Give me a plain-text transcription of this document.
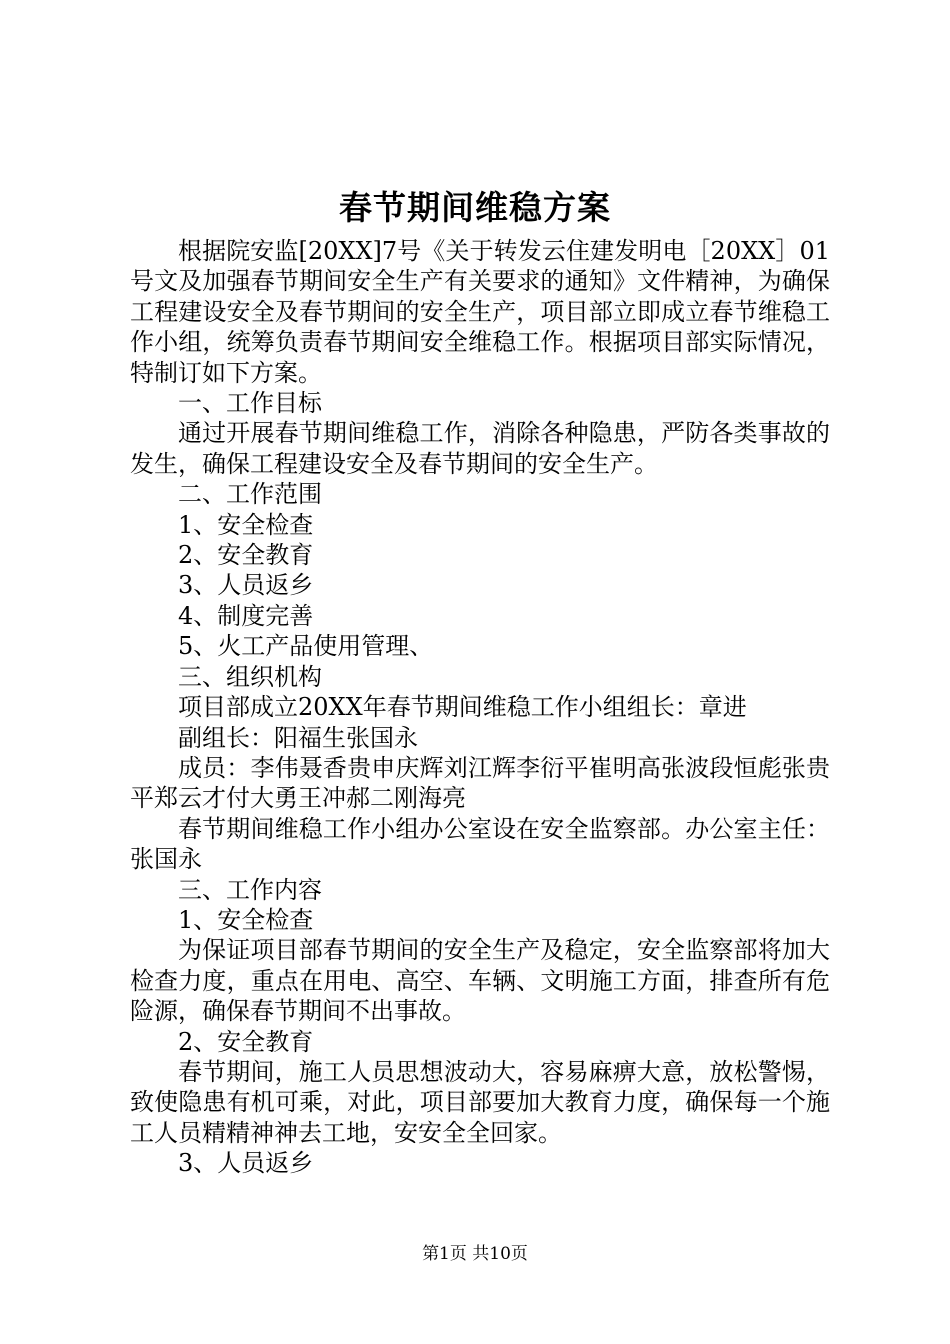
春节期间维稳方案
根据院安监[20XX]7号《关于转发云住建发明电［20XX］01号文及加强春节期间安全生产有关要求的通知》文件精神，为确保工程建设安全及春节期间的安全生产，项目部立即成立春节维稳工作小组，统筹负责春节期间安全维稳工作。根据项目部实际情况，特制订如下方案。
一、工作目标
通过开展春节期间维稳工作，消除各种隐患，严防各类事故的发生，确保工程建设安全及春节期间的安全生产。
二、工作范围
1、安全检查
2、安全教育
3、人员返乡
4、制度完善
5、火工产品使用管理、
三、组织机构
项目部成立20XX年春节期间维稳工作小组组长：章进
副组长：阳福生张国永
成员：李伟聂香贵申庆辉刘江辉李衍平崔明高张波段恒彪张贵平郑云才付大勇王冲郝二刚海亮
春节期间维稳工作小组办公室设在安全监察部。办公室主任：张国永
三、工作内容
1、安全检查
为保证项目部春节期间的安全生产及稳定，安全监察部将加大检查力度，重点在用电、高空、车辆、文明施工方面，排查所有危险源，确保春节期间不出事故。
2、安全教育
春节期间，施工人员思想波动大，容易麻痹大意，放松警惕，致使隐患有机可乘，对此，项目部要加大教育力度，确保每一个施工人员精精神神去工地，安安全全回家。
3、人员返乡
第1页 共10页
